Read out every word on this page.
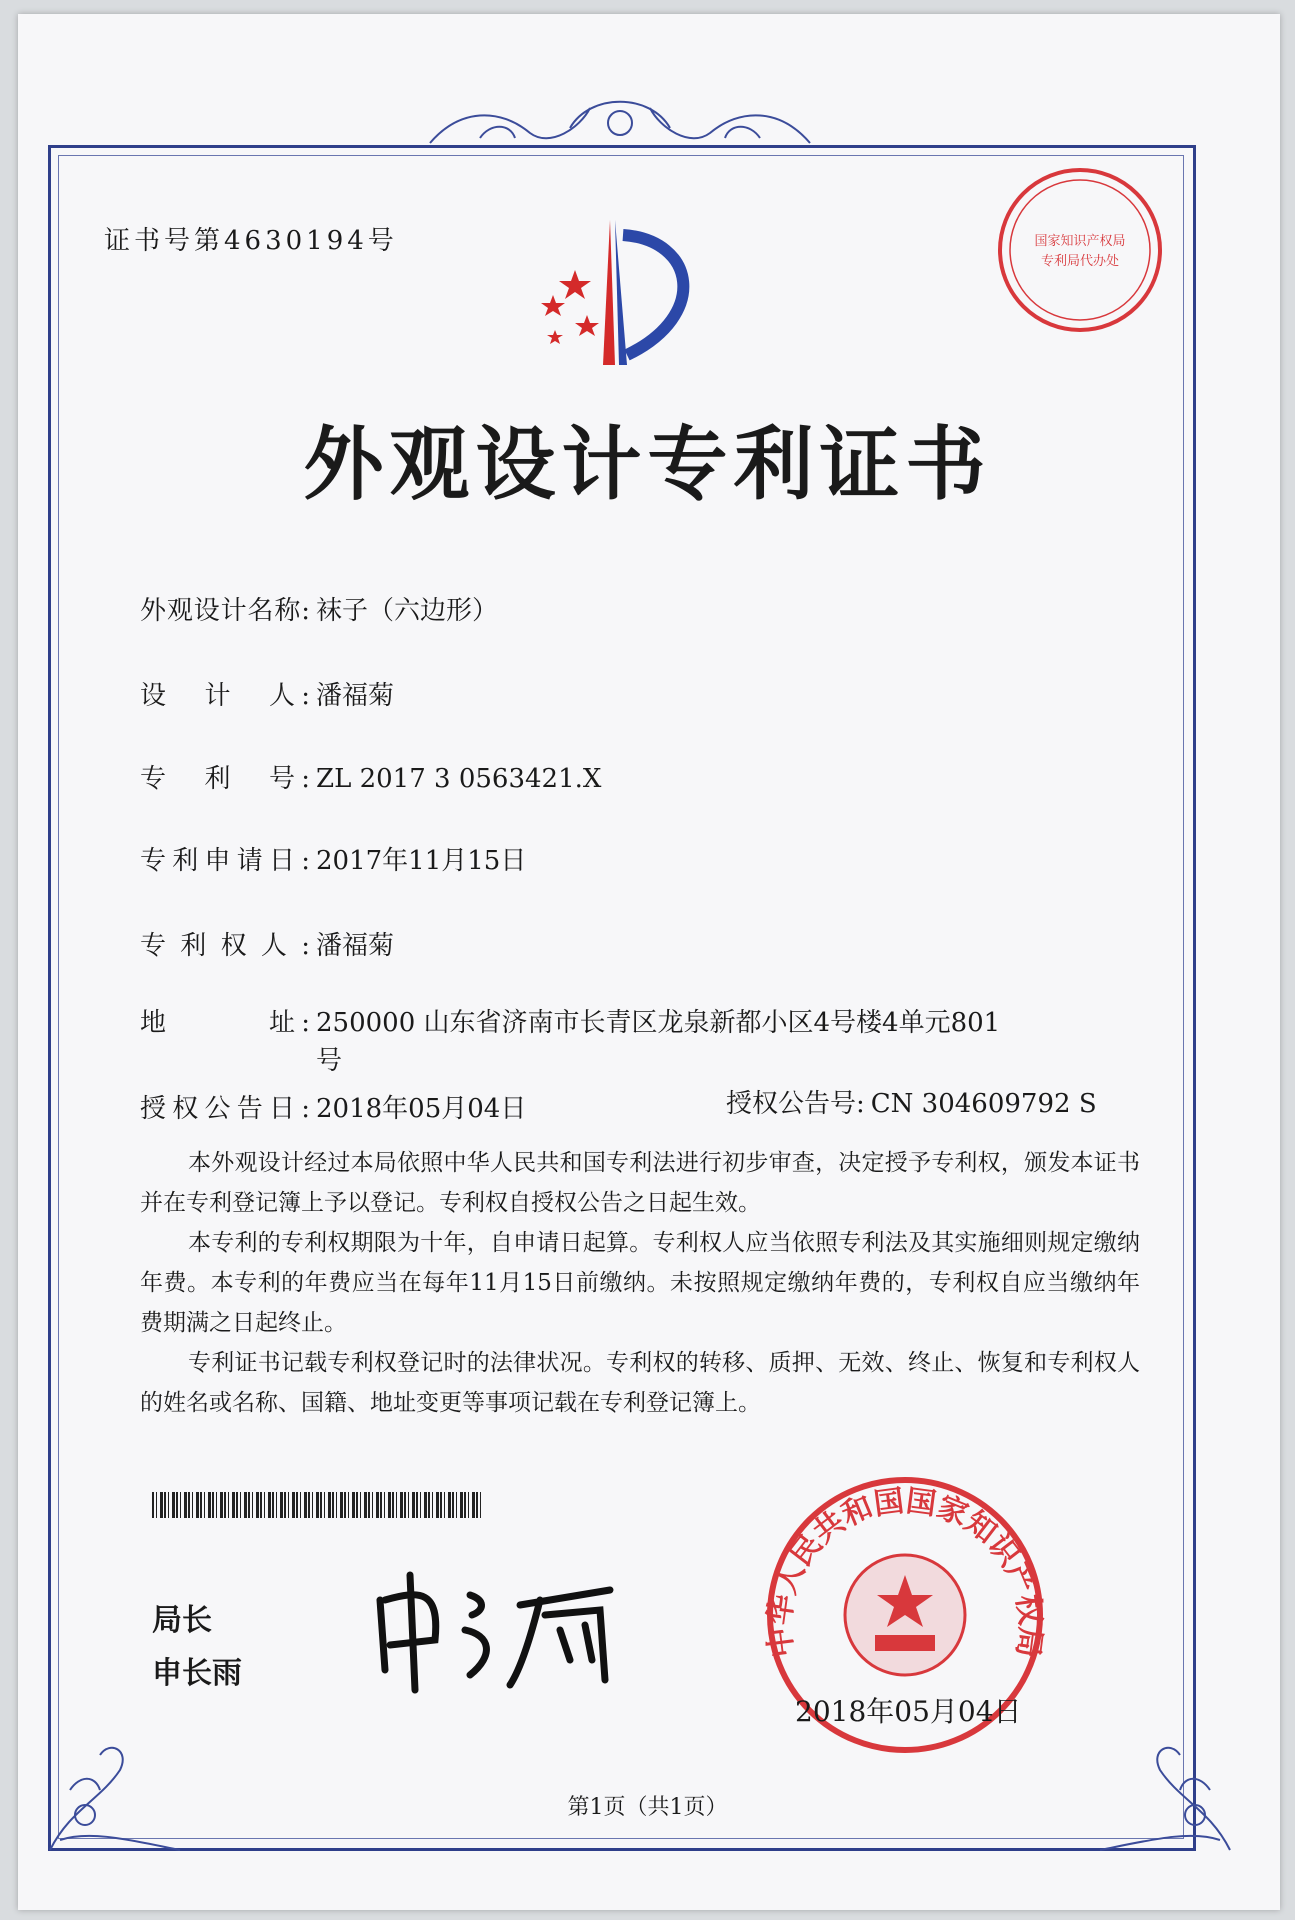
证书号第4630194号	国家知识产权局
专利局代办处
外观设计专利证书
外观设计名称: 袜子（六边形）
设　计　人: 潘福菊
专　利　号: ZL 2017 3 0563421.X
专利申请日: 2017年11月15日
专利权人: 潘福菊
地　　　址: 250000 山东省济南市长青区龙泉新都小区4号楼4单元801
号
授权公告日: 2018年05月04日	授权公告号: CN 304609792 S
本外观设计经过本局依照中华人民共和国专利法进行初步审查，决定授予专利权，颁发本证书并在专利登记簿上予以登记。专利权自授权公告之日起生效。
本专利的专利权期限为十年，自申请日起算。专利权人应当依照专利法及其实施细则规定缴纳年费。本专利的年费应当在每年11月15日前缴纳。未按照规定缴纳年费的，专利权自应当缴纳年费期满之日起终止。
专利证书记载专利权登记时的法律状况。专利权的转移、质押、无效、终止、恢复和专利权人的姓名或名称、国籍、地址变更等事项记载在专利登记簿上。
局长
申长雨
中华人民共和国国家知识产权局
2018年05月04日
第1页（共1页）
